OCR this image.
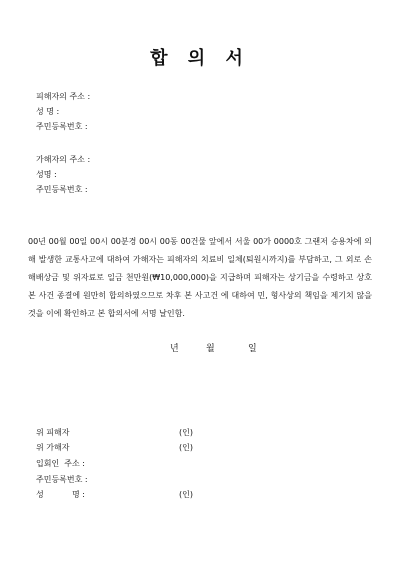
합 의 서
피해자의 주소 :
성 명 :
주민등록번호 :
가해자의 주소 :
성명 :
주민등록번호 :
00년 00월 00일 00시 00분경 00시 00동 00건물 앞에서 서울 00가 0000호 그랜저 승용차에 의해 발생한 교통사고에 대하여 가해자는 피해자의 치료비 일체(퇴원시까지)를 부담하고, 그 외로 손해배상금 및 위자료로 일금 천만원(₩10,000,000)을 지급하며 피해자는 상기금을 수령하고 상호 본 사건 종결에 원만히 합의하였으므로 차후 본 사고건 에 대하여 민, 형사상의 책임을 제기치 않을 것을 이에 확인하고 본 합의서에 서명 날인함.
년	월	일
위 피해자	(인)
위 가해자	(인)
입회인  주소 :
주민등록번호 :
성	명 :	(인)
